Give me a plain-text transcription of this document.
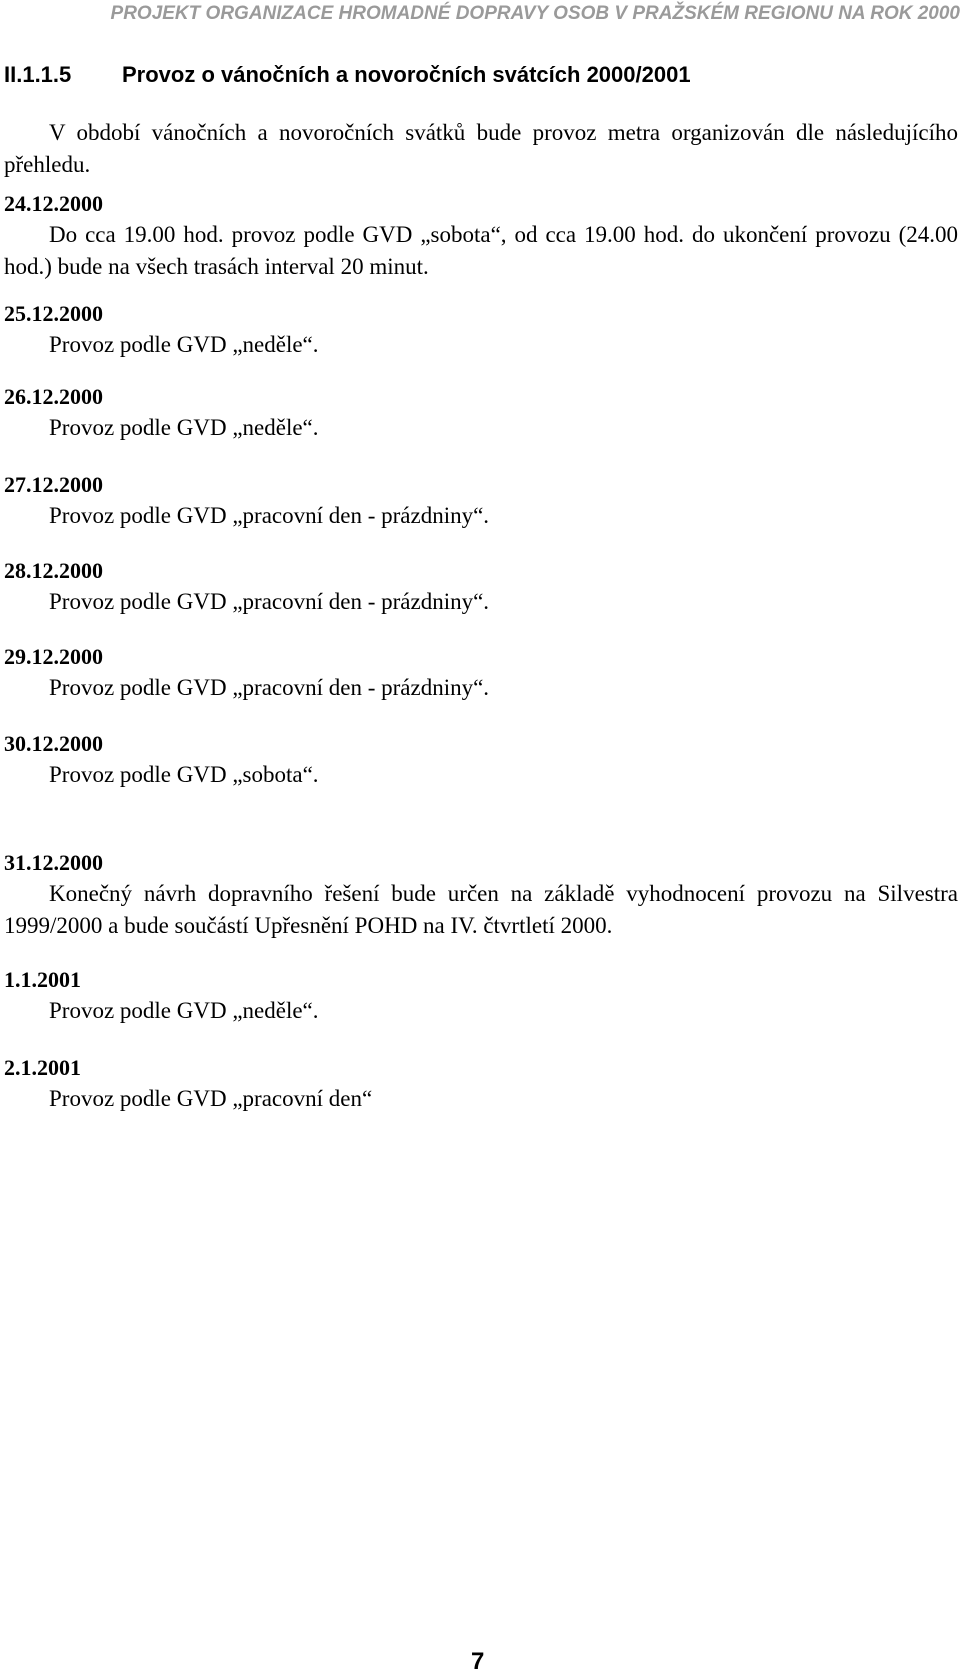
PROJEKT ORGANIZACE HROMADNÉ DOPRAVY OSOB V PRAŽSKÉM REGIONU NA ROK 2000
II.1.1.5 Provoz o vánočních a novoročních svátcích 2000/2001

V období vánočních a novoročních svátků bude provoz metra organizován dle následujícího přehledu.

24.12.2000

Do cca 19.00 hod. provoz podle GVD „sobota“, od cca 19.00 hod. do ukončení provozu (24.00 hod.) bude na všech trasách interval 20 minut.

25.12.2000

Provoz podle GVD „neděle“.

26.12.2000

Provoz podle GVD „neděle“.

27.12.2000

Provoz podle GVD „pracovní den - prázdniny“.

28.12.2000

Provoz podle GVD „pracovní den - prázdniny“.

29.12.2000

Provoz podle GVD „pracovní den - prázdniny“.

30.12.2000

Provoz podle GVD „sobota“.

31.12.2000

Konečný návrh dopravního řešení bude určen na základě vyhodnocení provozu na Silvestra 1999/2000 a bude součástí Upřesnění POHD na IV. čtvrtletí 2000.

1.1.2001

Provoz podle GVD „neděle“.

2.1.2001

Provoz podle GVD „pracovní den“

7
